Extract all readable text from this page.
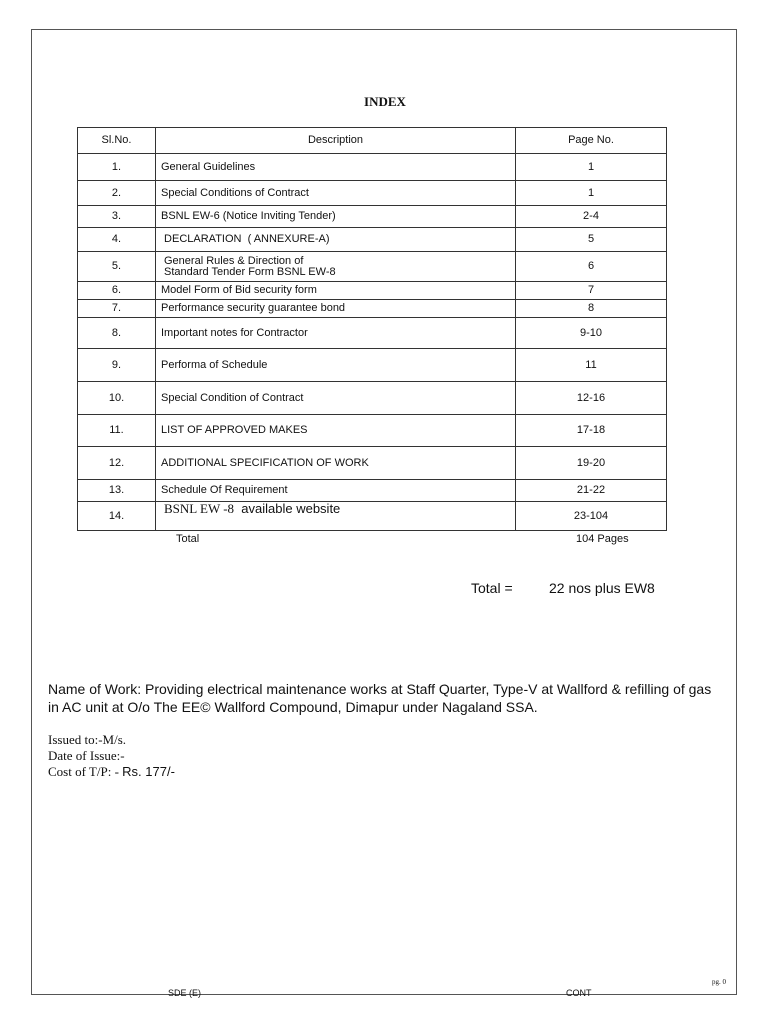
INDEX
Sl.No.	Description	Page No.
1.	General Guidelines	1
2.	Special Conditions of Contract	1
3.	BSNL EW-6 (Notice Inviting Tender)	2-4
4.	DECLARATION  ( ANNEXURE-A)	5
5.	General Rules & Direction of
Standard Tender Form BSNL EW-8	6
6.	Model Form of Bid security form	7
7.	Performance security guarantee bond	8
8.	Important notes for Contractor	9-10
9.	Performa of Schedule	11
10.	Special Condition of Contract	12-16
11.	LIST OF APPROVED MAKES	17-18
12.	ADDITIONAL SPECIFICATION OF WORK	19-20
13.	Schedule Of Requirement	21-22
14.	BSNL EW -8  available website	23-104
Total	104 Pages
Total =	22 nos plus EW8
Name of Work: Providing electrical maintenance works at Staff Quarter, Type-V at Wallford & refilling of gas in AC unit at O/o The EE© Wallford Compound, Dimapur under Nagaland SSA.
Issued to:-M/s.
Date of Issue:-
Cost of T/P: - Rs. 177/-
SDE (E)	CONT
pg. 0
